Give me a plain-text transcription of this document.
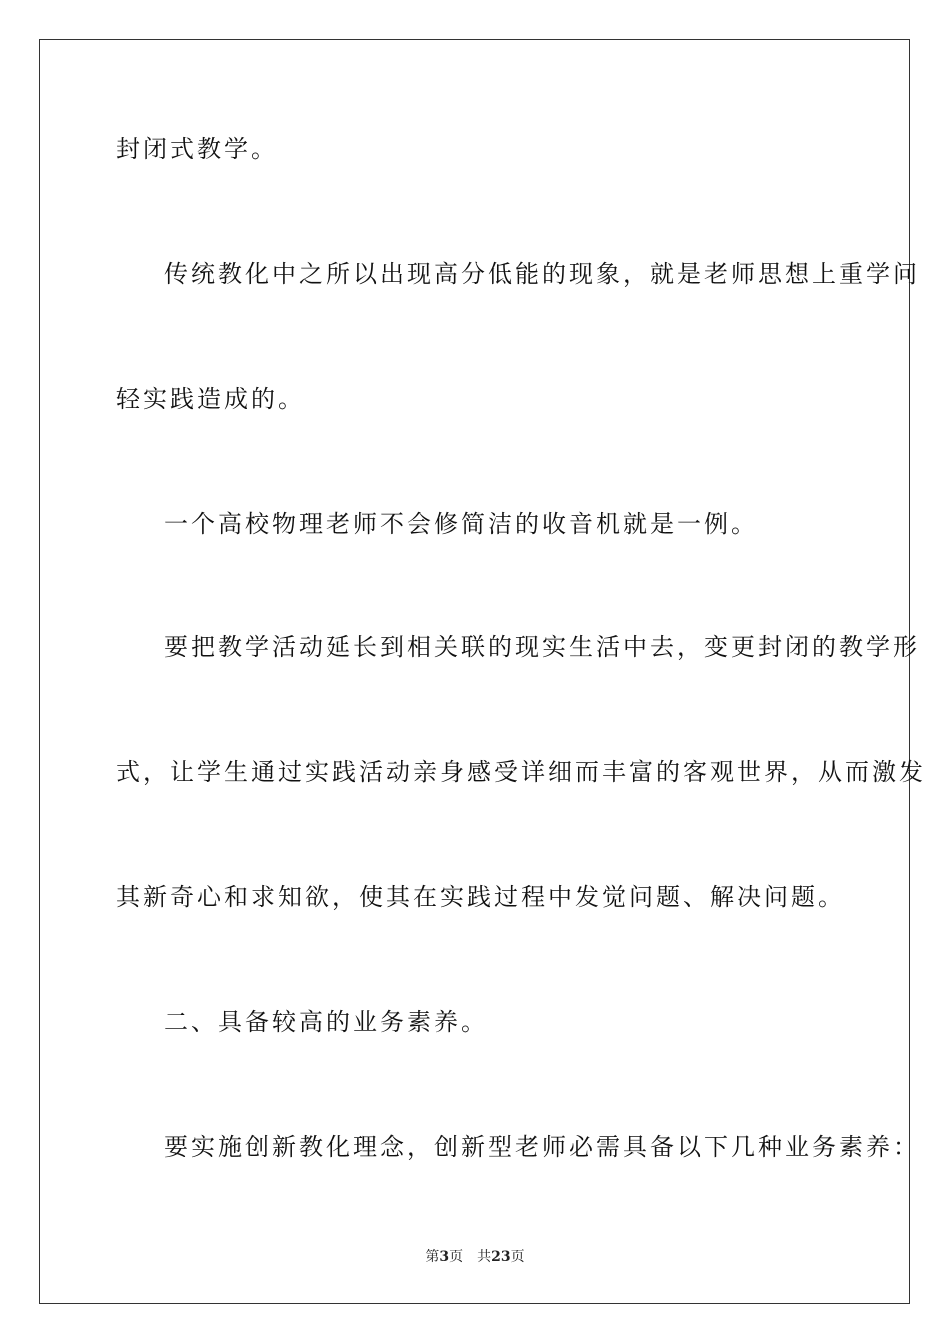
封闭式教学。
传统教化中之所以出现高分低能的现象，就是老师思想上重学问
轻实践造成的。
一个高校物理老师不会修简洁的收音机就是一例。
要把教学活动延长到相关联的现实生活中去，变更封闭的教学形
式，让学生通过实践活动亲身感受详细而丰富的客观世界，从而激发
其新奇心和求知欲，使其在实践过程中发觉问题、解决问题。
二、具备较高的业务素养。
要实施创新教化理念，创新型老师必需具备以下几种业务素养：
第3页 共23页
